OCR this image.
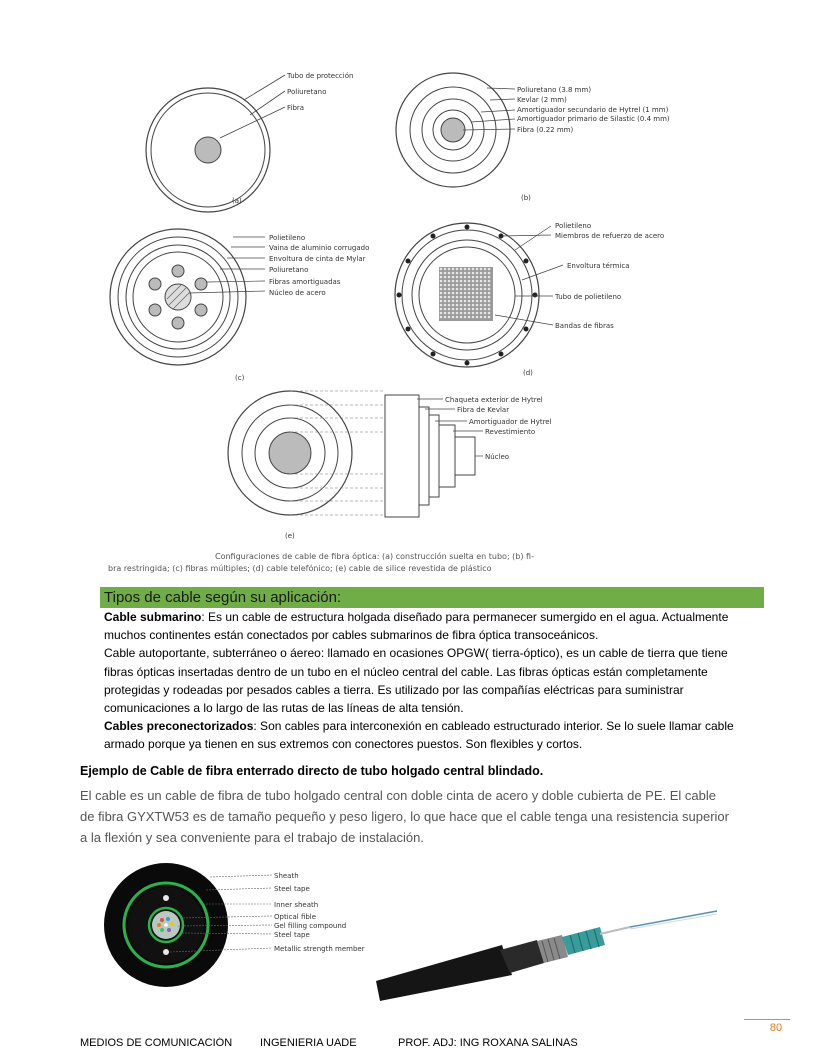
Tubo de protección
Poliuretano
Fibra
(a)
Poliuretano (3.8 mm)
Kevlar (2 mm)
Amortiguador secundario de Hytrel (1 mm)
Amortiguador primario de Silastic (0.4 mm)
Fibra (0.22 mm)
(b)
Polietileno
Vaina de aluminio corrugado
Envoltura de cinta de Mylar
Poliuretano
Fibras amortiguadas
Núcleo de acero
(c)
Polietileno
Miembros de refuerzo de acero
Envoltura térmica
Tubo de polietileno
Bandas de fibras
(d)
Chaqueta exterior de Hytrel
Fibra de Kevlar
Amortiguador de Hytrel
Revestimiento
Núcleo
(e)
Configuraciones de cable de fibra óptica: (a) construcción suelta en tubo; (b) fi-
bra restringida; (c) fibras múltiples; (d) cable telefónico; (e) cable de silice revestida de plástico
Tipos de cable según su aplicación:

Cable submarino: Es un cable de estructura holgada diseñado para permanecer sumergido en el agua. Actualmente

muchos continentes están conectados por cables submarinos de fibra óptica transoceánicos.

Cable autoportante, subterráneo o áereo: llamado en ocasiones OPGW( tierra-óptico), es un cable de tierra que tiene

fibras ópticas insertadas dentro de un tubo en el núcleo central del cable. Las fibras ópticas están completamente

protegidas y rodeadas por pesados cables a tierra. Es utilizado por las compañías eléctricas para suministrar

comunicaciones a lo largo de las rutas de las líneas de alta tensión.

Cables preconectorizados: Son cables para interconexión en cableado estructurado interior. Se lo suele llamar cable

armado porque ya tienen en sus extremos con conectores puestos. Son flexibles y cortos.

Ejemplo de Cable de fibra enterrado directo de tubo holgado central blindado.
El cable es un cable de fibra de tubo holgado central con doble cinta de acero y doble cubierta de PE. El cable
de fibra GYXTW53 es de tamaño pequeño y peso ligero, lo que hace que el cable tenga una resistencia superior
a la flexión y sea conveniente para el trabajo de instalación.
Sheath
Steel tape
Inner sheath
Optical fible
Gel filling compound
Steel tape
Metallic strength member
80
MEDIOS DE COMUNICACIÓN	INGENIERIA UADE	PROF. ADJ: ING ROXANA SALINAS
